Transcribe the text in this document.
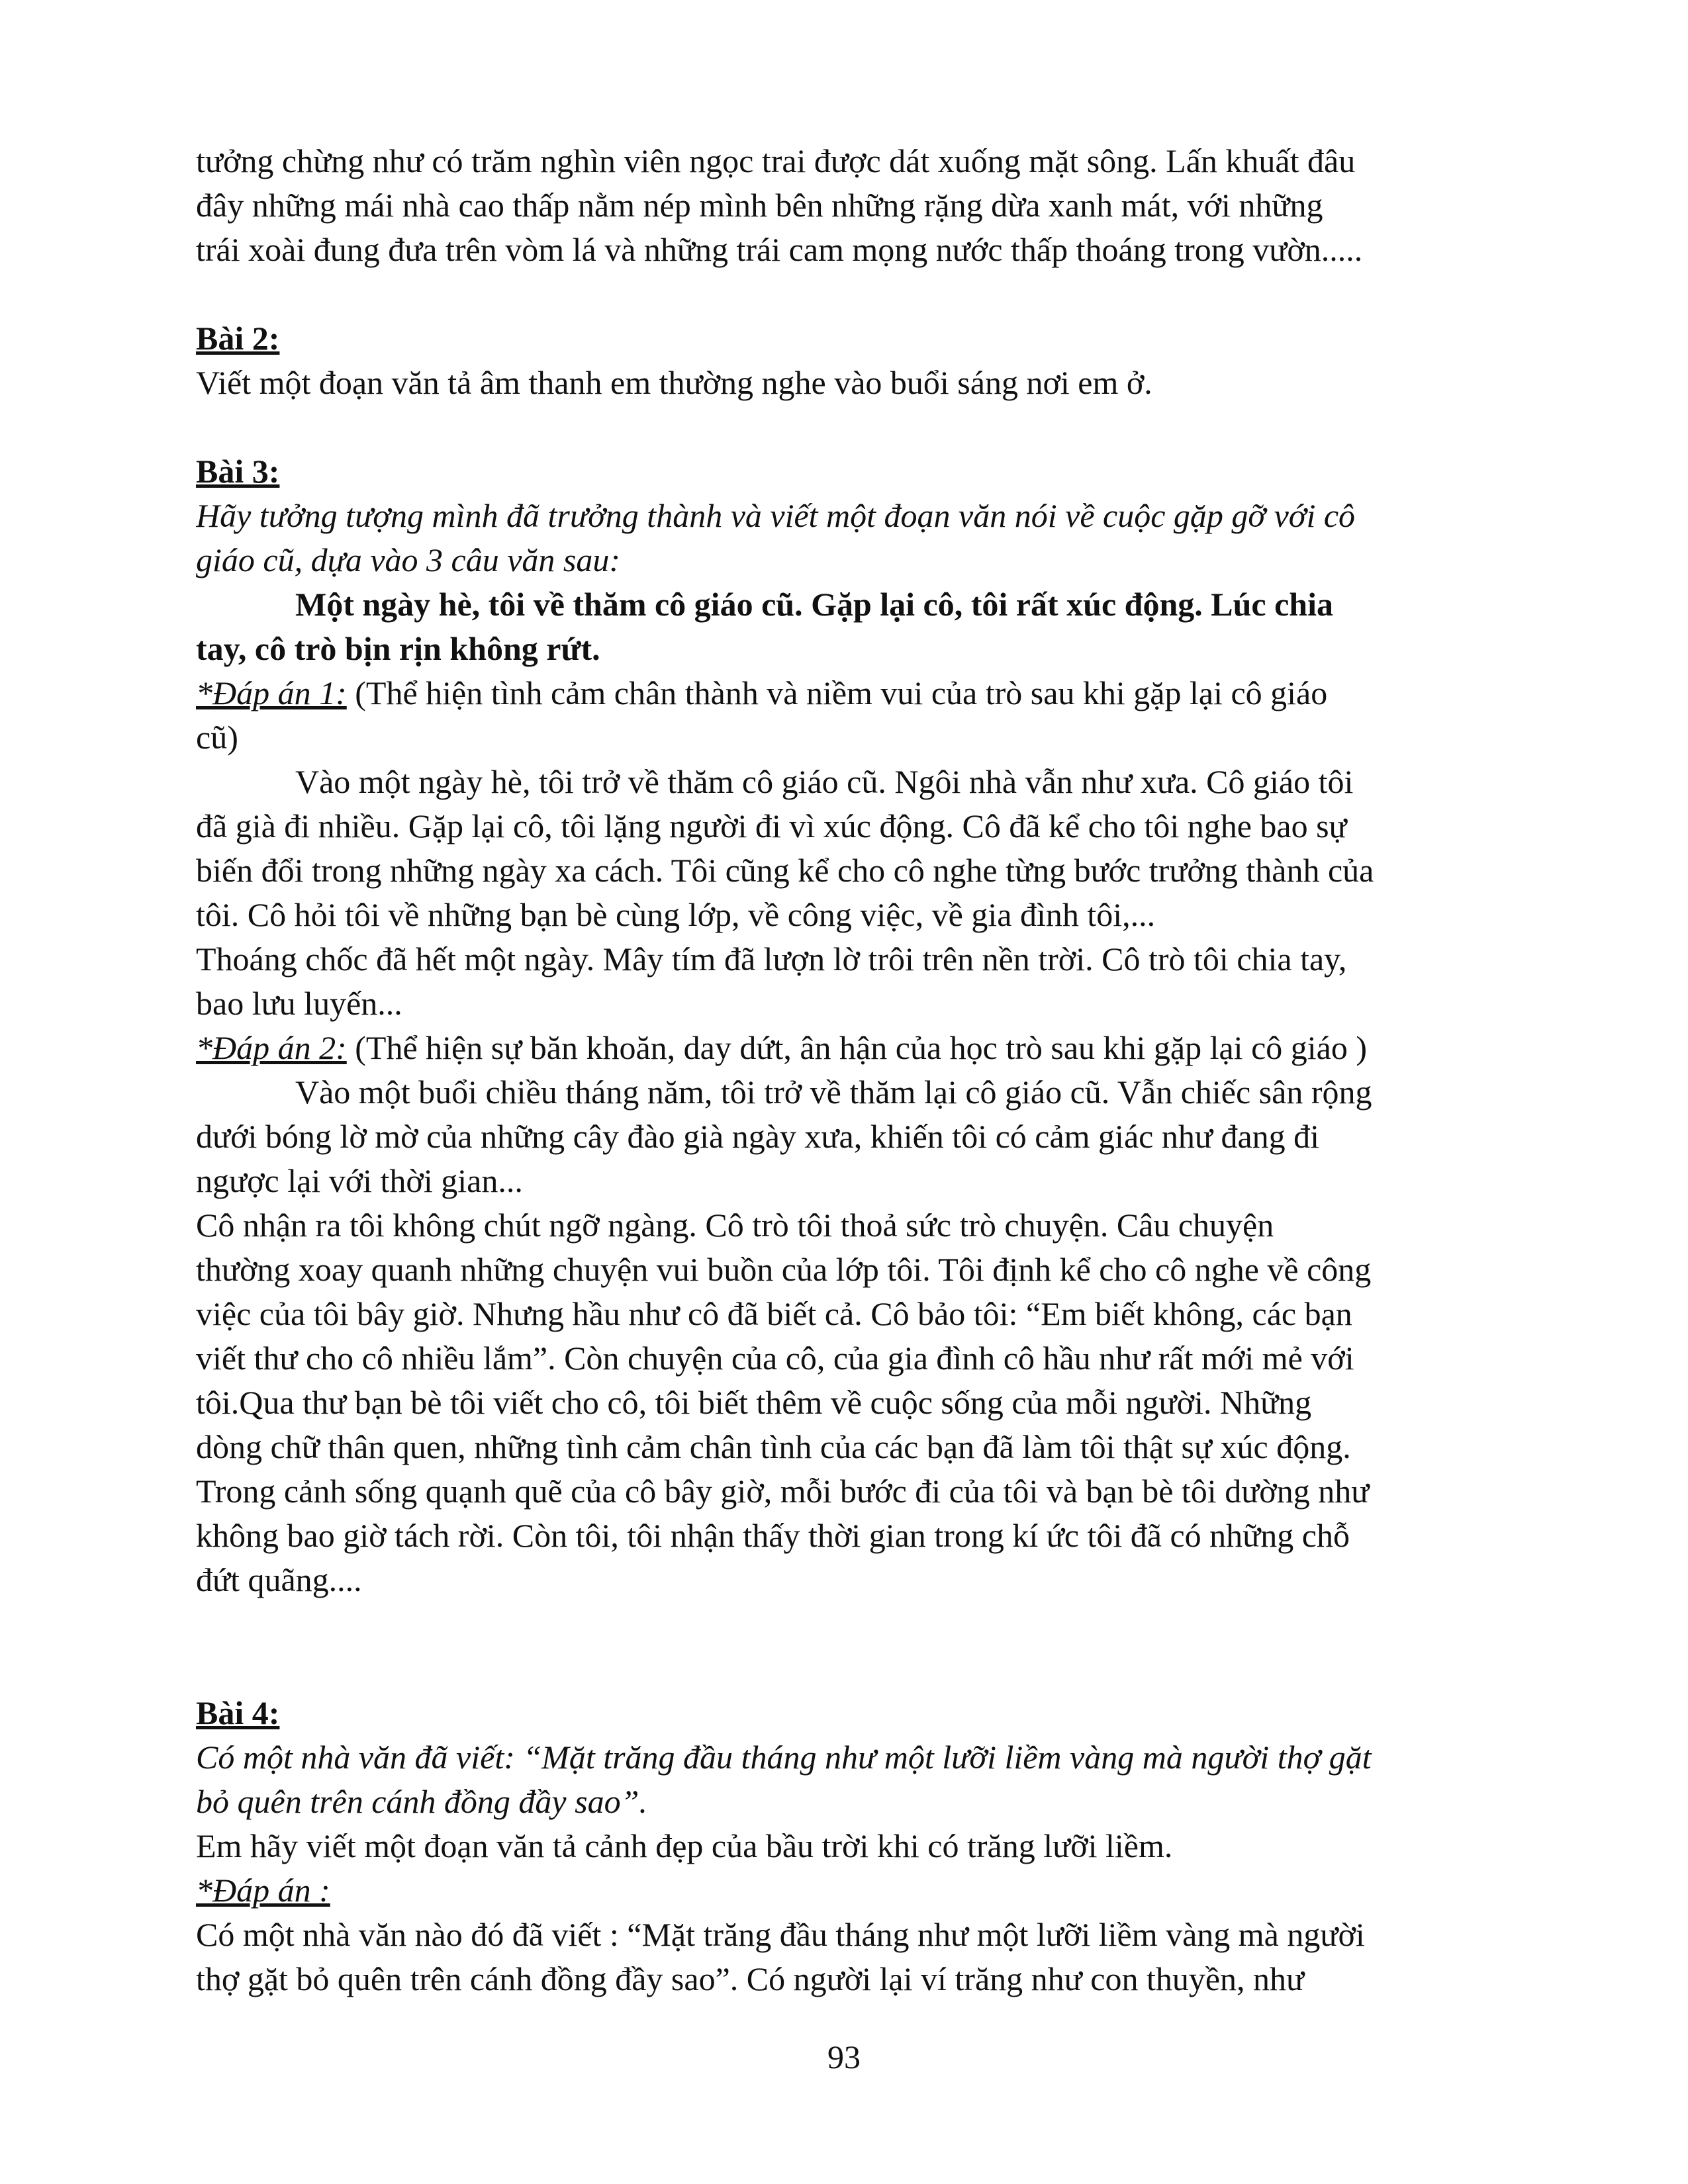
tưởng chừng như có trăm nghìn viên ngọc trai được dát xuống mặt sông. Lấn khuất đâu
đây những mái nhà cao thấp nằm nép mình bên những rặng dừa xanh mát, với những
trái xoài đung đưa trên vòm lá và những trái cam mọng nước thấp thoáng trong vườn.....
Bài 2:
Viết một đoạn văn tả âm thanh em thường nghe vào buổi sáng nơi em ở.
Bài 3:
Hãy tưởng tượng mình đã trưởng thành và viết một đoạn văn nói về cuộc gặp gỡ với cô
giáo cũ, dựa vào 3 câu văn sau:
Một ngày hè, tôi về thăm cô giáo cũ. Gặp lại cô, tôi rất xúc động. Lúc chia
tay, cô trò bịn rịn không rứt.
*Đáp án 1: (Thể hiện tình cảm chân thành và niềm vui của trò sau khi gặp lại cô giáo
cũ)
Vào một ngày hè, tôi trở về thăm cô giáo cũ. Ngôi nhà vẫn như xưa. Cô giáo tôi
đã già đi nhiều. Gặp lại cô, tôi lặng người đi vì xúc động. Cô đã kể cho tôi nghe bao sự
biến đổi trong những ngày xa cách. Tôi cũng kể cho cô nghe từng bước trưởng thành của
tôi. Cô hỏi tôi về những bạn bè cùng lớp, về công việc, về gia đình tôi,...
Thoáng chốc đã hết một ngày. Mây tím đã lượn lờ trôi trên nền trời. Cô trò tôi chia tay,
bao lưu luyến...
*Đáp án 2: (Thể hiện sự băn khoăn, day dứt, ân hận của học trò sau khi gặp lại cô giáo )
Vào một buổi chiều tháng năm, tôi trở về thăm lại cô giáo cũ. Vẫn chiếc sân rộng
dưới bóng lờ mờ của những cây đào già ngày xưa, khiến tôi có cảm giác như đang đi
ngược lại với thời gian...
Cô nhận ra tôi không chút ngỡ ngàng. Cô trò tôi thoả sức trò chuyện. Câu chuyện
thường xoay quanh những chuyện vui buồn của lớp tôi. Tôi định kể cho cô nghe về công
việc của tôi bây giờ. Nhưng hầu như cô đã biết cả. Cô bảo tôi: “Em biết không, các bạn
viết thư cho cô nhiều lắm”. Còn chuyện của cô, của gia đình cô hầu như rất mới mẻ với
tôi.Qua thư bạn bè tôi viết cho cô, tôi biết thêm về cuộc sống của mỗi người. Những
dòng chữ thân quen, những tình cảm chân tình của các bạn đã làm tôi thật sự xúc động.
Trong cảnh sống quạnh quẽ của cô bây giờ, mỗi bước đi của tôi và bạn bè tôi dường như
không bao giờ tách rời. Còn tôi, tôi nhận thấy thời gian trong kí ức tôi đã có những chỗ
đứt quãng....
Bài 4:
Có một nhà văn đã viết: “Mặt trăng đầu tháng như một lưỡi liềm vàng mà người thợ gặt
bỏ quên trên cánh đồng đầy sao”.
Em hãy viết một đoạn văn tả cảnh đẹp của bầu trời khi có trăng lưỡi liềm.
*Đáp án :
Có một nhà văn nào đó đã viết : “Mặt trăng đầu tháng như một lưỡi liềm vàng mà người
thợ gặt bỏ quên trên cánh đồng đầy sao”. Có người lại ví trăng như con thuyền, như
93
